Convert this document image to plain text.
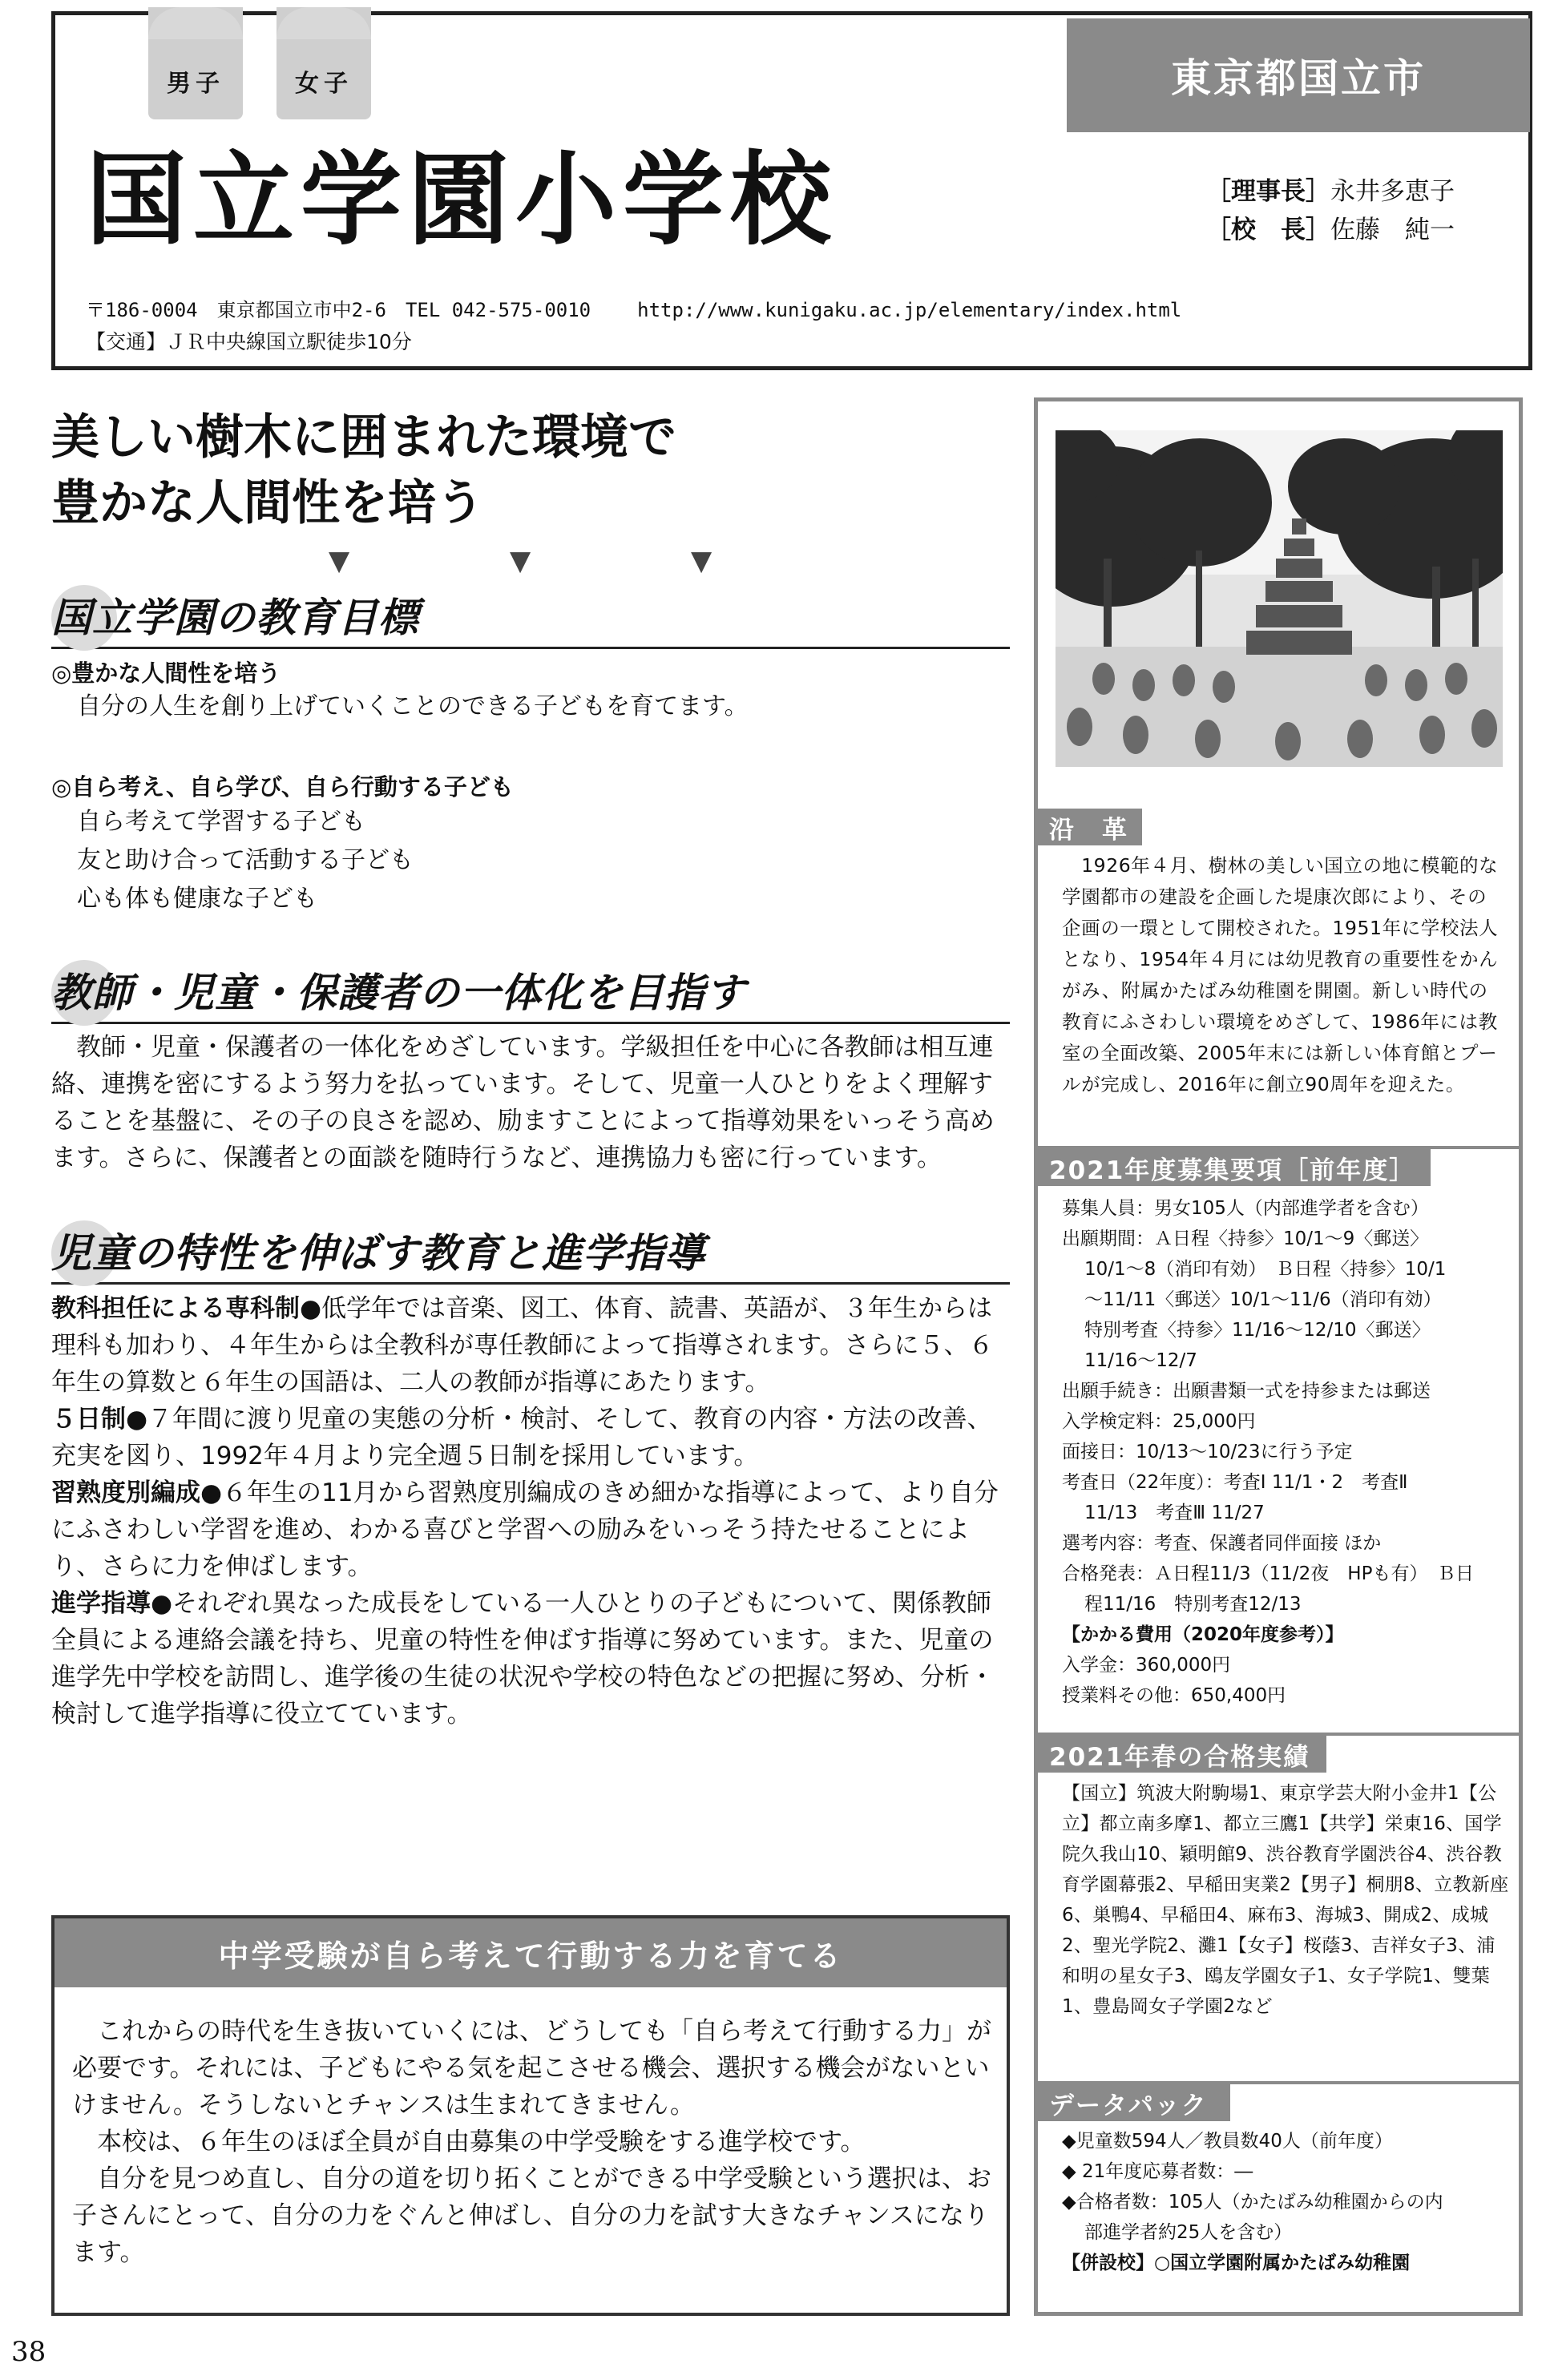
男子	女子	東京都国立市
国立学園小学校	［理事長］永井多恵子
［校　長］佐藤　純一
〒186-0004　東京都国立市中2-6　TEL 042-575-0010 http://www.kunigaku.ac.jp/elementary/index.html
【交通】ＪＲ中央線国立駅徒歩10分
美しい樹木に囲まれた環境で
豊かな人間性を培う
▼	▼	▼
国立学園の教育目標
◎豊かな人間性を培う
自分の人生を創り上げていくことのできる子どもを育てます。
◎自ら考え、自ら学び、自ら行動する子ども
自ら考えて学習する子ども
友と助け合って活動する子ども
心も体も健康な子ども
教師・児童・保護者の一体化を目指す
　教師・児童・保護者の一体化をめざしています。学級担任を中心に各教師は相互連絡、連携を密にするよう努力を払っています。そして、児童一人ひとりをよく理解することを基盤に、その子の良さを認め、励ますことによって指導効果をいっそう高めます。さらに、保護者との面談を随時行うなど、連携協力も密に行っています。
児童の特性を伸ばす教育と進学指導
教科担任による専科制●低学年では音楽、図工、体育、読書、英語が、３年生からは理科も加わり、４年生からは全教科が専任教師によって指導されます。さらに５、６年生の算数と６年生の国語は、二人の教師が指導にあたります。
５日制●７年間に渡り児童の実態の分析・検討、そして、教育の内容・方法の改善、充実を図り、1992年４月より完全週５日制を採用しています。
習熟度別編成●６年生の11月から習熟度別編成のきめ細かな指導によって、より自分にふさわしい学習を進め、わかる喜びと学習への励みをいっそう持たせることにより、さらに力を伸ばします。
進学指導●それぞれ異なった成長をしている一人ひとりの子どもについて、関係教師全員による連絡会議を持ち、児童の特性を伸ばす指導に努めています。また、児童の進学先中学校を訪問し、進学後の生徒の状況や学校の特色などの把握に努め、分析・検討して進学指導に役立てています。
中学受験が自ら考えて行動する力を育てる
　これからの時代を生き抜いていくには、どうしても「自ら考えて行動する力」が必要です。それには、子どもにやる気を起こさせる機会、選択する機会がないといけません。そうしないとチャンスは生まれてきません。
　本校は、６年生のほぼ全員が自由募集の中学受験をする進学校です。
　自分を見つめ直し、自分の道を切り拓くことができる中学受験という選択は、お子さんにとって、自分の力をぐんと伸ばし、自分の力を試す大きなチャンスになります。
38
沿　革
　1926年４月、樹林の美しい国立の地に模範的な学園都市の建設を企画した堤康次郎により、その企画の一環として開校された。1951年に学校法人となり、1954年４月には幼児教育の重要性をかんがみ、附属かたばみ幼稚園を開園。新しい時代の教育にふさわしい環境をめざして、1986年には教室の全面改築、2005年末には新しい体育館とプールが完成し、2016年に創立90周年を迎えた。
2021年度募集要項［前年度］
募集人員：男女105人（内部進学者を含む）
出願期間：Ａ日程〈持参〉10/1～9〈郵送〉
10/1～8（消印有効）　Ｂ日程〈持参〉10/1
～11/11〈郵送〉10/1～11/6（消印有効）
特別考査〈持参〉11/16～12/10〈郵送〉
11/16～12/7
出願手続き：出願書類一式を持参または郵送
入学検定料：25,000円
面接日：10/13～10/23に行う予定
考査日（22年度）：考査Ⅰ 11/1・2　考査Ⅱ
11/13　考査Ⅲ 11/27
選考内容：考査、保護者同伴面接 ほか
合格発表：Ａ日程11/3（11/2夜　HPも有）　Ｂ日
程11/16　特別考査12/13
【かかる費用（2020年度参考）】
入学金：360,000円
授業料その他：650,400円
2021年春の合格実績
【国立】筑波大附駒場1、東京学芸大附小金井1【公立】都立南多摩1、都立三鷹1【共学】栄東16、国学院久我山10、穎明館9、渋谷教育学園渋谷4、渋谷教育学園幕張2、早稲田実業2【男子】桐朋8、立教新座6、巣鴨4、早稲田4、麻布3、海城3、開成2、成城2、聖光学院2、灘1【女子】桜蔭3、吉祥女子3、浦和明の星女子3、鴎友学園女子1、女子学院1、雙葉1、豊島岡女子学園2など
データパック
◆児童数594人／教員数40人（前年度）
◆ 21年度応募者数：―
◆合格者数：105人（かたばみ幼稚園からの内
部進学者約25人を含む）
【併設校】○国立学園附属かたばみ幼稚園
